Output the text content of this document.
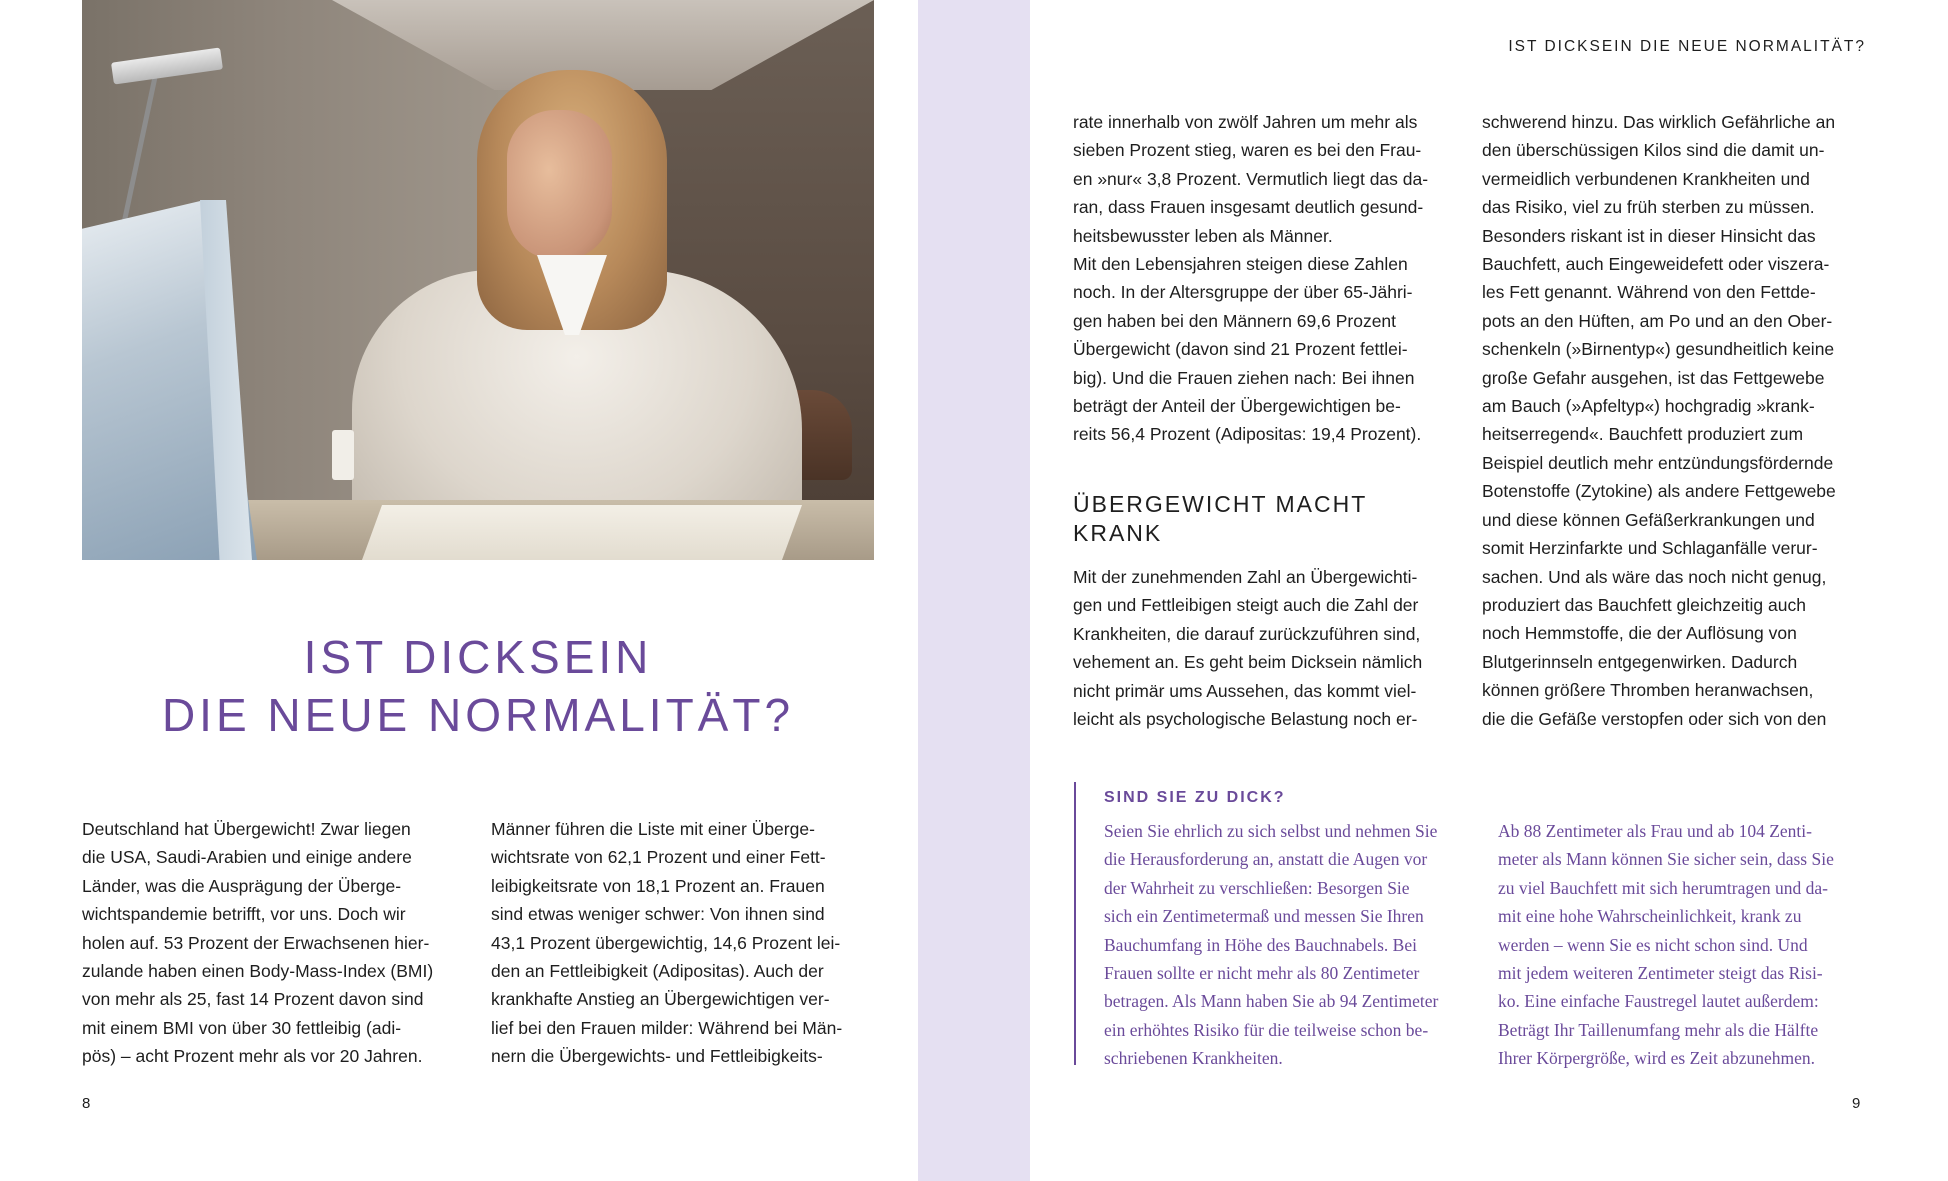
IST DICKSEIN
DIE NEUE NORMALITÄT?
Deutschland hat Übergewicht! Zwar liegen
die USA, Saudi-Arabien und einige andere
Länder, was die Ausprägung der Überge-
wichtspandemie betrifft, vor uns. Doch wir
holen auf. 53 Prozent der Erwachsenen hier-
zulande haben einen Body-Mass-Index (BMI)
von mehr als 25, fast 14 Prozent davon sind
mit einem BMI von über 30 fettleibig (adi-
pös) – acht Prozent mehr als vor 20 Jahren.
Männer führen die Liste mit einer Überge-
wichtsrate von 62,1 Prozent und einer Fett-
leibigkeitsrate von 18,1 Prozent an. Frauen
sind etwas weniger schwer: Von ihnen sind
43,1 Prozent übergewichtig, 14,6 Prozent lei-
den an Fettleibigkeit (Adipositas). Auch der
krankhafte Anstieg an Übergewichtigen ver-
lief bei den Frauen milder: Während bei Män-
nern die Übergewichts- und Fettleibigkeits-
8
IST DICKSEIN DIE NEUE NORMALITÄT?
rate innerhalb von zwölf Jahren um mehr als
sieben Prozent stieg, waren es bei den Frau-
en »nur« 3,8 Prozent. Vermutlich liegt das da-
ran, dass Frauen insgesamt deutlich gesund-
heitsbewusster leben als Männer.
Mit den Lebensjahren steigen diese Zahlen
noch. In der Altersgruppe der über 65-Jähri-
gen haben bei den Männern 69,6 Prozent
Übergewicht (davon sind 21 Prozent fettlei-
big). Und die Frauen ziehen nach: Bei ihnen
beträgt der Anteil der Übergewichtigen be-
reits 56,4 Prozent (Adipositas: 19,4 Prozent).
ÜBERGEWICHT MACHT
KRANK
Mit der zunehmenden Zahl an Übergewichti-
gen und Fettleibigen steigt auch die Zahl der
Krankheiten, die darauf zurückzuführen sind,
vehement an. Es geht beim Dicksein nämlich
nicht primär ums Aussehen, das kommt viel-
leicht als psychologische Belastung noch er-
schwerend hinzu. Das wirklich Gefährliche an
den überschüssigen Kilos sind die damit un-
vermeidlich verbundenen Krankheiten und
das Risiko, viel zu früh sterben zu müssen.
Besonders riskant ist in dieser Hinsicht das
Bauchfett, auch Eingeweidefett oder viszera-
les Fett genannt. Während von den Fettde-
pots an den Hüften, am Po und an den Ober-
schenkeln (»Birnentyp«) gesundheitlich keine
große Gefahr ausgehen, ist das Fettgewebe
am Bauch (»Apfeltyp«) hochgradig »krank-
heitserregend«. Bauchfett produziert zum
Beispiel deutlich mehr entzündungsfördernde
Botenstoffe (Zytokine) als andere Fettgewebe
und diese können Gefäßerkrankungen und
somit Herzinfarkte und Schlaganfälle verur-
sachen. Und als wäre das noch nicht genug,
produziert das Bauchfett gleichzeitig auch
noch Hemmstoffe, die der Auflösung von
Blutgerinnseln entgegenwirken. Dadurch
können größere Thromben heranwachsen,
die die Gefäße verstopfen oder sich von den
SIND SIE ZU DICK?
Seien Sie ehrlich zu sich selbst und nehmen Sie
die Herausforderung an, anstatt die Augen vor
der Wahrheit zu verschließen: Besorgen Sie
sich ein Zentimetermaß und messen Sie Ihren
Bauchumfang in Höhe des Bauchnabels. Bei
Frauen sollte er nicht mehr als 80 Zentimeter
betragen. Als Mann haben Sie ab 94 Zentimeter
ein erhöhtes Risiko für die teilweise schon be-
schriebenen Krankheiten.
Ab 88 Zentimeter als Frau und ab 104 Zenti-
meter als Mann können Sie sicher sein, dass Sie
zu viel Bauchfett mit sich herumtragen und da-
mit eine hohe Wahrscheinlichkeit, krank zu
werden – wenn Sie es nicht schon sind. Und
mit jedem weiteren Zentimeter steigt das Risi-
ko. Eine einfache Faustregel lautet außerdem:
Beträgt Ihr Taillenumfang mehr als die Hälfte
Ihrer Körpergröße, wird es Zeit abzunehmen.
9
